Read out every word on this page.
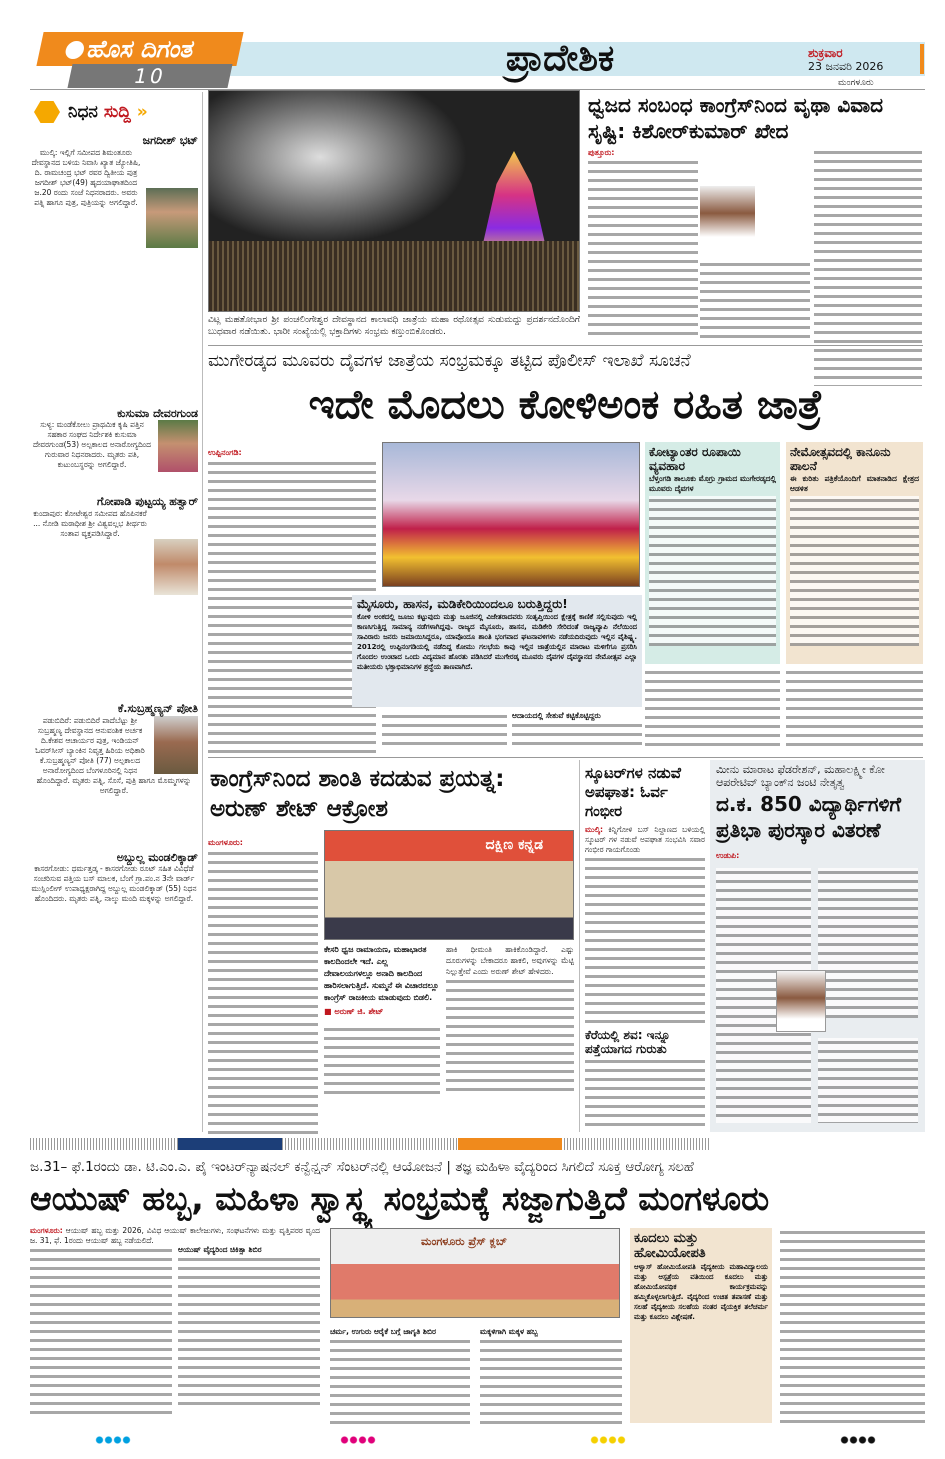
ಹೊಸ ದಿಗಂತ
10	ಪ್ರಾದೇಶಿಕ	ಶುಕ್ರವಾರ
23 ಜನವರಿ 2026
ಮಂಗಳೂರು
ನಿಧನ ಸುದ್ದಿ »
ಜಗದೀಶ್ ಭಟ್
ಮುಲ್ಕಿ: ಇಲ್ಲಿಗೆ ಸಮೀಪದ ಶಿಮಂತೂರು ದೇವಸ್ಥಾನದ ಬಳಿಯ ನಿವಾಸಿ ಖ್ಯಾತ ಜ್ಯೋತಿಷಿ, ದಿ. ರಾಮಚಂದ್ರ ಭಟ್ ರವರ ದ್ವಿತೀಯ ಪುತ್ರ ಜಗದೀಶ್ ಭಟ್(49) ಹೃದಯಾಘಾತದಿಂದ ಜ.20 ರಂದು ಸಂಜೆ ನಿಧನರಾದರು. ಅವರು ಪತ್ನಿ ಹಾಗೂ ಪುತ್ರ, ಪುತ್ರಿಯನ್ನು ಅಗಲಿದ್ದಾರೆ.
ಕುಸುಮಾ ದೇವರಗುಂಡ
ಸುಳ್ಯ: ಮಂಡೆಕೋಲು ಪ್ರಾಥಮಿಕ ಕೃಷಿ ಪತ್ತಿನ ಸಹಕಾರ ಸಂಘದ ನಿರ್ದೇಶಕಿ ಕುಸುಮಾ ದೇವರಗುಂಡ(53) ಅಲ್ಪಕಾಲದ ಅನಾರೋಗ್ಯದಿಂದ ಗುರುವಾರ ನಿಧನರಾದರು. ಮೃತರು ಪತಿ, ಕುಟುಂಬಸ್ಥರನ್ನು ಅಗಲಿದ್ದಾರೆ.
ಗೋಪಾಡಿ ಪುಟ್ಟಯ್ಯ ಹತ್ವಾರ್
ಕುಂದಾಪುರ: ಕೋಟೇಶ್ವರ ಸಮೀಪದ ಹೊಪಿನಕರೆ ... ನೋಡಿ ಮಠಾಧೀಶ ಶ್ರೀ ವಿಶ್ವವಲ್ಲಭ ತೀರ್ಥರು ಸಂತಾಪ ವ್ಯಕ್ತಪಡಿಸಿದ್ದಾರೆ.
ಕೆ.ಸುಬ್ರಹ್ಮಣ್ಯನ್ ಪೋತಿ
ಪಡುಬಿದಿರೆ: ಪಡುಬಿದಿರೆ ಪಾದೆಬೆಟ್ಟು ಶ್ರೀ ಸುಬ್ರಹ್ಮಣ್ಯ ದೇವಸ್ಥಾನದ ಆನುವಂಶಿಕ ಅರ್ಚಕ ದಿ.ಕೇಶವ ಆಚಾರ್ಯರ ಪುತ್ರ, ಇಂಡಿಯನ್ ಓವರ್‌ಸೀಸ್ ಬ್ಯಾಂಕಿನ ನಿವೃತ್ತ ಹಿರಿಯ ಅಧಿಕಾರಿ ಕೆ.ಸುಬ್ರಹ್ಮಣ್ಯನ್ ಪೋತಿ (77) ಅಲ್ಪಕಾಲದ ಅನಾರೋಗ್ಯದಿಂದ ಬೆಂಗಳೂರಿನಲ್ಲಿ ನಿಧನ ಹೊಂದಿದ್ದಾರೆ. ಮೃತರು ಪತ್ನಿ, ಸೊಸೆ, ಪುತ್ರಿ ಹಾಗೂ ಮೊಮ್ಮಗಳನ್ನು ಅಗಲಿದ್ದಾರೆ.
ಅಬ್ದುಲ್ಲ ಮಂಡಲಿಕ್ಕಾಡ್
ಕಾಸರಗೋಡು: ಧರ್ಮತ್ತಡ್ಕ - ಕಾಸರಗೋಡು ರೂಟ್ ಸಹಿತ ವಿವಿಧೆಡೆ ಸಂಚರಿಸುವ ಪತ್ತಿಯ ಬಸ್ ಮಾಲಕ, ಬೆಂಗೆ ಗ್ರಾ.ಪಂ.ನ 3ನೇ ವಾರ್ಡ್ ಮುಸ್ಲಿಂಲೀಗ್ ಉಪಾಧ್ಯಕ್ಷರಾಗಿದ್ದ ಅಬ್ದುಲ್ಲ ಮಂಡಲಿಕ್ಕಾಡ್ (55) ನಿಧನ ಹೊಂದಿದರು. ಮೃತರು ಪತ್ನಿ, ನಾಲ್ಕು ಮಂದಿ ಮಕ್ಕಳನ್ನು ಅಗಲಿದ್ದಾರೆ.
ವಿಟ್ಲ ಮಹತೋಭಾರ ಶ್ರೀ ಪಂಚಲಿಂಗೇಶ್ವರ ದೇವಸ್ಥಾನದ ಕಾಲಾವಧಿ ಜಾತ್ರೆಯ ಮಹಾ ರಥೋತ್ಸವ ಸುಡುಮದ್ದು ಪ್ರದರ್ಶನದೊಂದಿಗೆ ಬುಧವಾರ ನಡೆಯಿತು. ಭಾರೀ ಸಂಖ್ಯೆಯಲ್ಲಿ ಭಕ್ತಾದಿಗಳು ಸಂಭ್ರಮ ಕಣ್ತುಂಬಿಕೊಂಡರು.
ಧ್ವಜದ ಸಂಬಂಧ ಕಾಂಗ್ರೆಸ್‌ನಿಂದ ವೃಥಾ ವಿವಾದ ಸೃಷ್ಟಿ: ಕಿಶೋರ್‌ಕುಮಾರ್ ಖೇದ
ಪುತ್ತೂರು:
ಮುಗೇರಡ್ಕದ ಮೂವರು ದೈವಗಳ ಜಾತ್ರೆಯ ಸಂಭ್ರಮಕ್ಕೂ ತಟ್ಟಿದ ಪೊಲೀಸ್ ಇಲಾಖೆ ಸೂಚನೆ
ಇದೇ ಮೊದಲು ಕೋಳಿಅಂಕ ರಹಿತ ಜಾತ್ರೆ
ಉಪ್ಪಿನಂಗಡಿ:	ಕೋಟ್ಯಾಂತರ ರೂಪಾಯಿ ವ್ಯವಹಾರ
ಬೆಳ್ತಂಗಡಿ ತಾಲೂಕು ಮೊಗ್ರು ಗ್ರಾಮದ ಮುಗೇರಡ್ಕದಲ್ಲಿ ಮೂವರು ದೈವಗಳ
ನೇಮೋತ್ಸವದಲ್ಲಿ ಕಾನೂನು ಪಾಲನೆ
ಈ ಕುರಿತು ಪತ್ರಿಕೆಯೊಂದಿಗೆ ಮಾತನಾಡಿದ ಕ್ಷೇತ್ರದ ಆಡಳಿತ
ಮೈಸೂರು, ಹಾಸನ, ಮಡಿಕೇರಿಯಿಂದಲೂ ಬರುತ್ತಿದ್ದರು!
ಕೋಳಿ ಅಂಕದಲ್ಲಿ ಜೂಜು ಕಟ್ಟುವುದು ಮತ್ತು ಜೂಜಿನಲ್ಲಿ ವಿಜೇತರಾದವರು ಸಂತೃಪ್ತಿಯಿಂದ ಕ್ಷೇತ್ರಕ್ಕೆ ಕಾಣಿಕೆ ಸಲ್ಲಿಸುವುದು ಇಲ್ಲಿ ಕಾಣಸಿಗುತ್ತಿದ್ದ ಸಾಮಾನ್ಯ ನಡೆಗಳಾಗಿದ್ದವು. ರಾಜ್ಯದ ಮೈಸೂರು, ಹಾಸನ, ಮಡಿಕೇರಿ ಸೇರಿದಂತೆ ರಾಜ್ಯವ್ಯಾಪಿ ನೆಲೆಯಿಂದ ಸಾವಿರಾರು ಜನರು ಜಮಾಯಿಸಿದ್ದರೂ, ಯಾವೊಂದೂ ಶಾಂತಿ ಭಂಗವಾದ ಘಟನಾವಳಿಗಳು ನಡೆಯದಿರುವುದು ಇಲ್ಲಿನ ವೈಶಿಷ್ಟ್ಯ. 2012ರಲ್ಲಿ ಉಪ್ಪಿನಂಗಡಿಯಲ್ಲಿ ನಡೆದಿದ್ದ ಕೋಮು ಗಲಭೆಯ ಕಾವು ಇಲ್ಲಿನ ಜಾತ್ರೆಯಲ್ಲಿನ ಮಾರಾಟ ಮಳಿಗೆಗೂ ಪ್ರಸರಿಸಿ ಗೊಂದಲ ಉಂಟಾದ ಒಂದು ವಿದ್ಯಮಾನ ಹೊರತು ಪಡಿಸಿದರೆ ಮುಗೇರಡ್ಕ ಮೂವರು ದೈವಗಳ ದೈವಸ್ಥಾನದ ನೇಮೋತ್ಸವ ಎಲ್ಲಾ ಮತೀಯರು ಭಕ್ತಾಭಿಮಾನಿಗಳ ಶ್ರದ್ಧೆಯ ತಾಣವಾಗಿದೆ.
ಆದಾಯದಲ್ಲಿ ಸೇತುವೆ ಕಟ್ಟಿಕೊಟ್ಟಿದ್ದರು
ಕಾಂಗ್ರೆಸ್‌ನಿಂದ ಶಾಂತಿ ಕದಡುವ ಪ್ರಯತ್ನ: ಅರುಣ್ ಶೇಟ್ ಆಕ್ರೋಶ
ಮಂಗಳೂರು:	ದಕ್ಷಿಣ ಕನ್ನಡ
ಕೇಸರಿ ಧ್ವಜ ರಾಮಾಯಣ, ಮಹಾಭಾರತ ಕಾಲದಿಂದಲೇ ಇದೆ. ಎಲ್ಲ ದೇವಾಲಯಗಳಲ್ಲೂ ಅನಾದಿ ಕಾಲದಿಂದ ಹಾರಿಸಲಾಗುತ್ತಿದೆ. ಸುಮ್ಮನೆ ಈ ವಿಚಾರದಲ್ಲೂ ಕಾಂಗ್ರೆಸ್ ರಾಜಕೀಯ ಮಾಡುವುದು ಬಿಡಲಿ.
■ ಅರುಣ್ ಜಿ. ಶೇಟ್
ಹಾಕಿ ಧೀಮಂತಿ ಹಾಕಿಕೊಂಡಿದ್ದಾರೆ. ಎಷ್ಟು ದೂರುಗಳನ್ನು ಬೇಕಾದರೂ ಹಾಕಲಿ, ಅವುಗಳನ್ನು ಮೆಟ್ಟಿ ನಿಲ್ಲುತ್ತೇವೆ ಎಂದು ಅರುಣ್ ಶೇಟ್ ಹೇಳಿದರು.
ಸ್ಕೂಟರ್‌ಗಳ ನಡುವೆ ಅಪಘಾತ: ಓರ್ವ ಗಂಭೀರ
ಮುಲ್ಕಿ: ಕಿನ್ನಿಗೋಳಿ ಬಸ್ ನಿಲ್ದಾಣದ ಬಳಿಯಲ್ಲಿ ಸ್ಕೂಟರ್ ಗಳ ನಡುವೆ ಅಪಘಾತ ಸಂಭವಿಸಿ ಸವಾರ ಗಂಭೀರ ಗಾಯಗೊಂಡು
ಕೆರೆಯಲ್ಲಿ ಶವ: ಇನ್ನೂ ಪತ್ತೆಯಾಗದ ಗುರುತು
ಮೀನು ಮಾರಾಟ ಫೆಡರೇಶನ್, ಮಹಾಲಕ್ಷ್ಮೀ ಕೋ ಆಪರೇಟಿವ್ ಬ್ಯಾಂಕ್‌ನ ಜಂಟಿ ನೇತೃತ್ವ
ದ.ಕ. 850 ವಿದ್ಯಾರ್ಥಿಗಳಿಗೆ ಪ್ರತಿಭಾ ಪುರಸ್ಕಾರ ವಿತರಣೆ
ಉಡುಪಿ:
ಜ.31– ಫೆ.1ರಂದು ಡಾ. ಟಿ.ಎಂ.ಎ. ಪೈ ಇಂಟರ್‌ನ್ಯಾಷನಲ್ ಕನ್ವೆನ್ಷನ್ ಸೆಂಟರ್‌ನಲ್ಲಿ ಆಯೋಜನೆ | ತಜ್ಞ ಮಹಿಳಾ ವೈದ್ಯರಿಂದ ಸಿಗಲಿದೆ ಸೂಕ್ತ ಆರೋಗ್ಯ ಸಲಹೆ
ಆಯುಷ್ ಹಬ್ಬ, ಮಹಿಳಾ ಸ್ವಾಸ್ಥ್ಯ ಸಂಭ್ರಮಕ್ಕೆ ಸಜ್ಜಾಗುತ್ತಿದೆ ಮಂಗಳೂರು
ಮಂಗಳೂರು: ಆಯುಷ್ ಹಬ್ಬ ಮತ್ತು 2026, ವಿವಿಧ ಆಯುಷ್ ಕಾಲೇಜುಗಳು, ಸಂಘಟನೆಗಳು ಮತ್ತು ವೃತ್ತಿಪರರ ವೃಂದ ಜ. 31, ಫೆ. 1ರಂದು ಆಯುಷ್ ಹಬ್ಬ ನಡೆಯಲಿದೆ.
ಆಯುಷ್ ವೈದ್ಯರಿಂದ ಚಿಕಿತ್ಸಾ ಶಿಬಿರ
ಮಂಗಳೂರು ಪ್ರೆಸ್ ಕ್ಲಬ್
ಚರ್ಮ, ಉಗುರು ಆರೈಕೆ ಬಗ್ಗೆ ಜಾಗೃತಿ ಶಿಬಿರ	ಮಕ್ಕಳಿಗಾಗಿ ಮಕ್ಕಳ ಹಬ್ಬ
ಕೂದಲು ಮತ್ತು ಹೋಮಿಯೋಪತಿ
ಆಳ್ವಾಸ್ ಹೋಮಿಯೋಪತಿ ವೈದ್ಯಕೀಯ ಮಹಾವಿದ್ಯಾಲಯ ಮತ್ತು ಆಸ್ಪತ್ರೆಯ ವತಿಯಿಂದ ಕೂದಲು ಮತ್ತು ಹೋಮಿಯೋಪಥಿಕ ಕಾರ್ಯಕ್ರಮವನ್ನು ಹಮ್ಮಿಕೊಳ್ಳಲಾಗುತ್ತಿದೆ. ವೈದ್ಯರಿಂದ ಉಚಿತ ತಪಾಸಣೆ ಮತ್ತು ಸಲಹೆ ವೈದ್ಯಕೀಯ ಸಲಹೆಯ ನಂತರ ವೈಯಕ್ತಿಕ ತಲೆಚರ್ಮ ಮತ್ತು ಕೂದಲು ವಿಶ್ಲೇಷಣೆ.
